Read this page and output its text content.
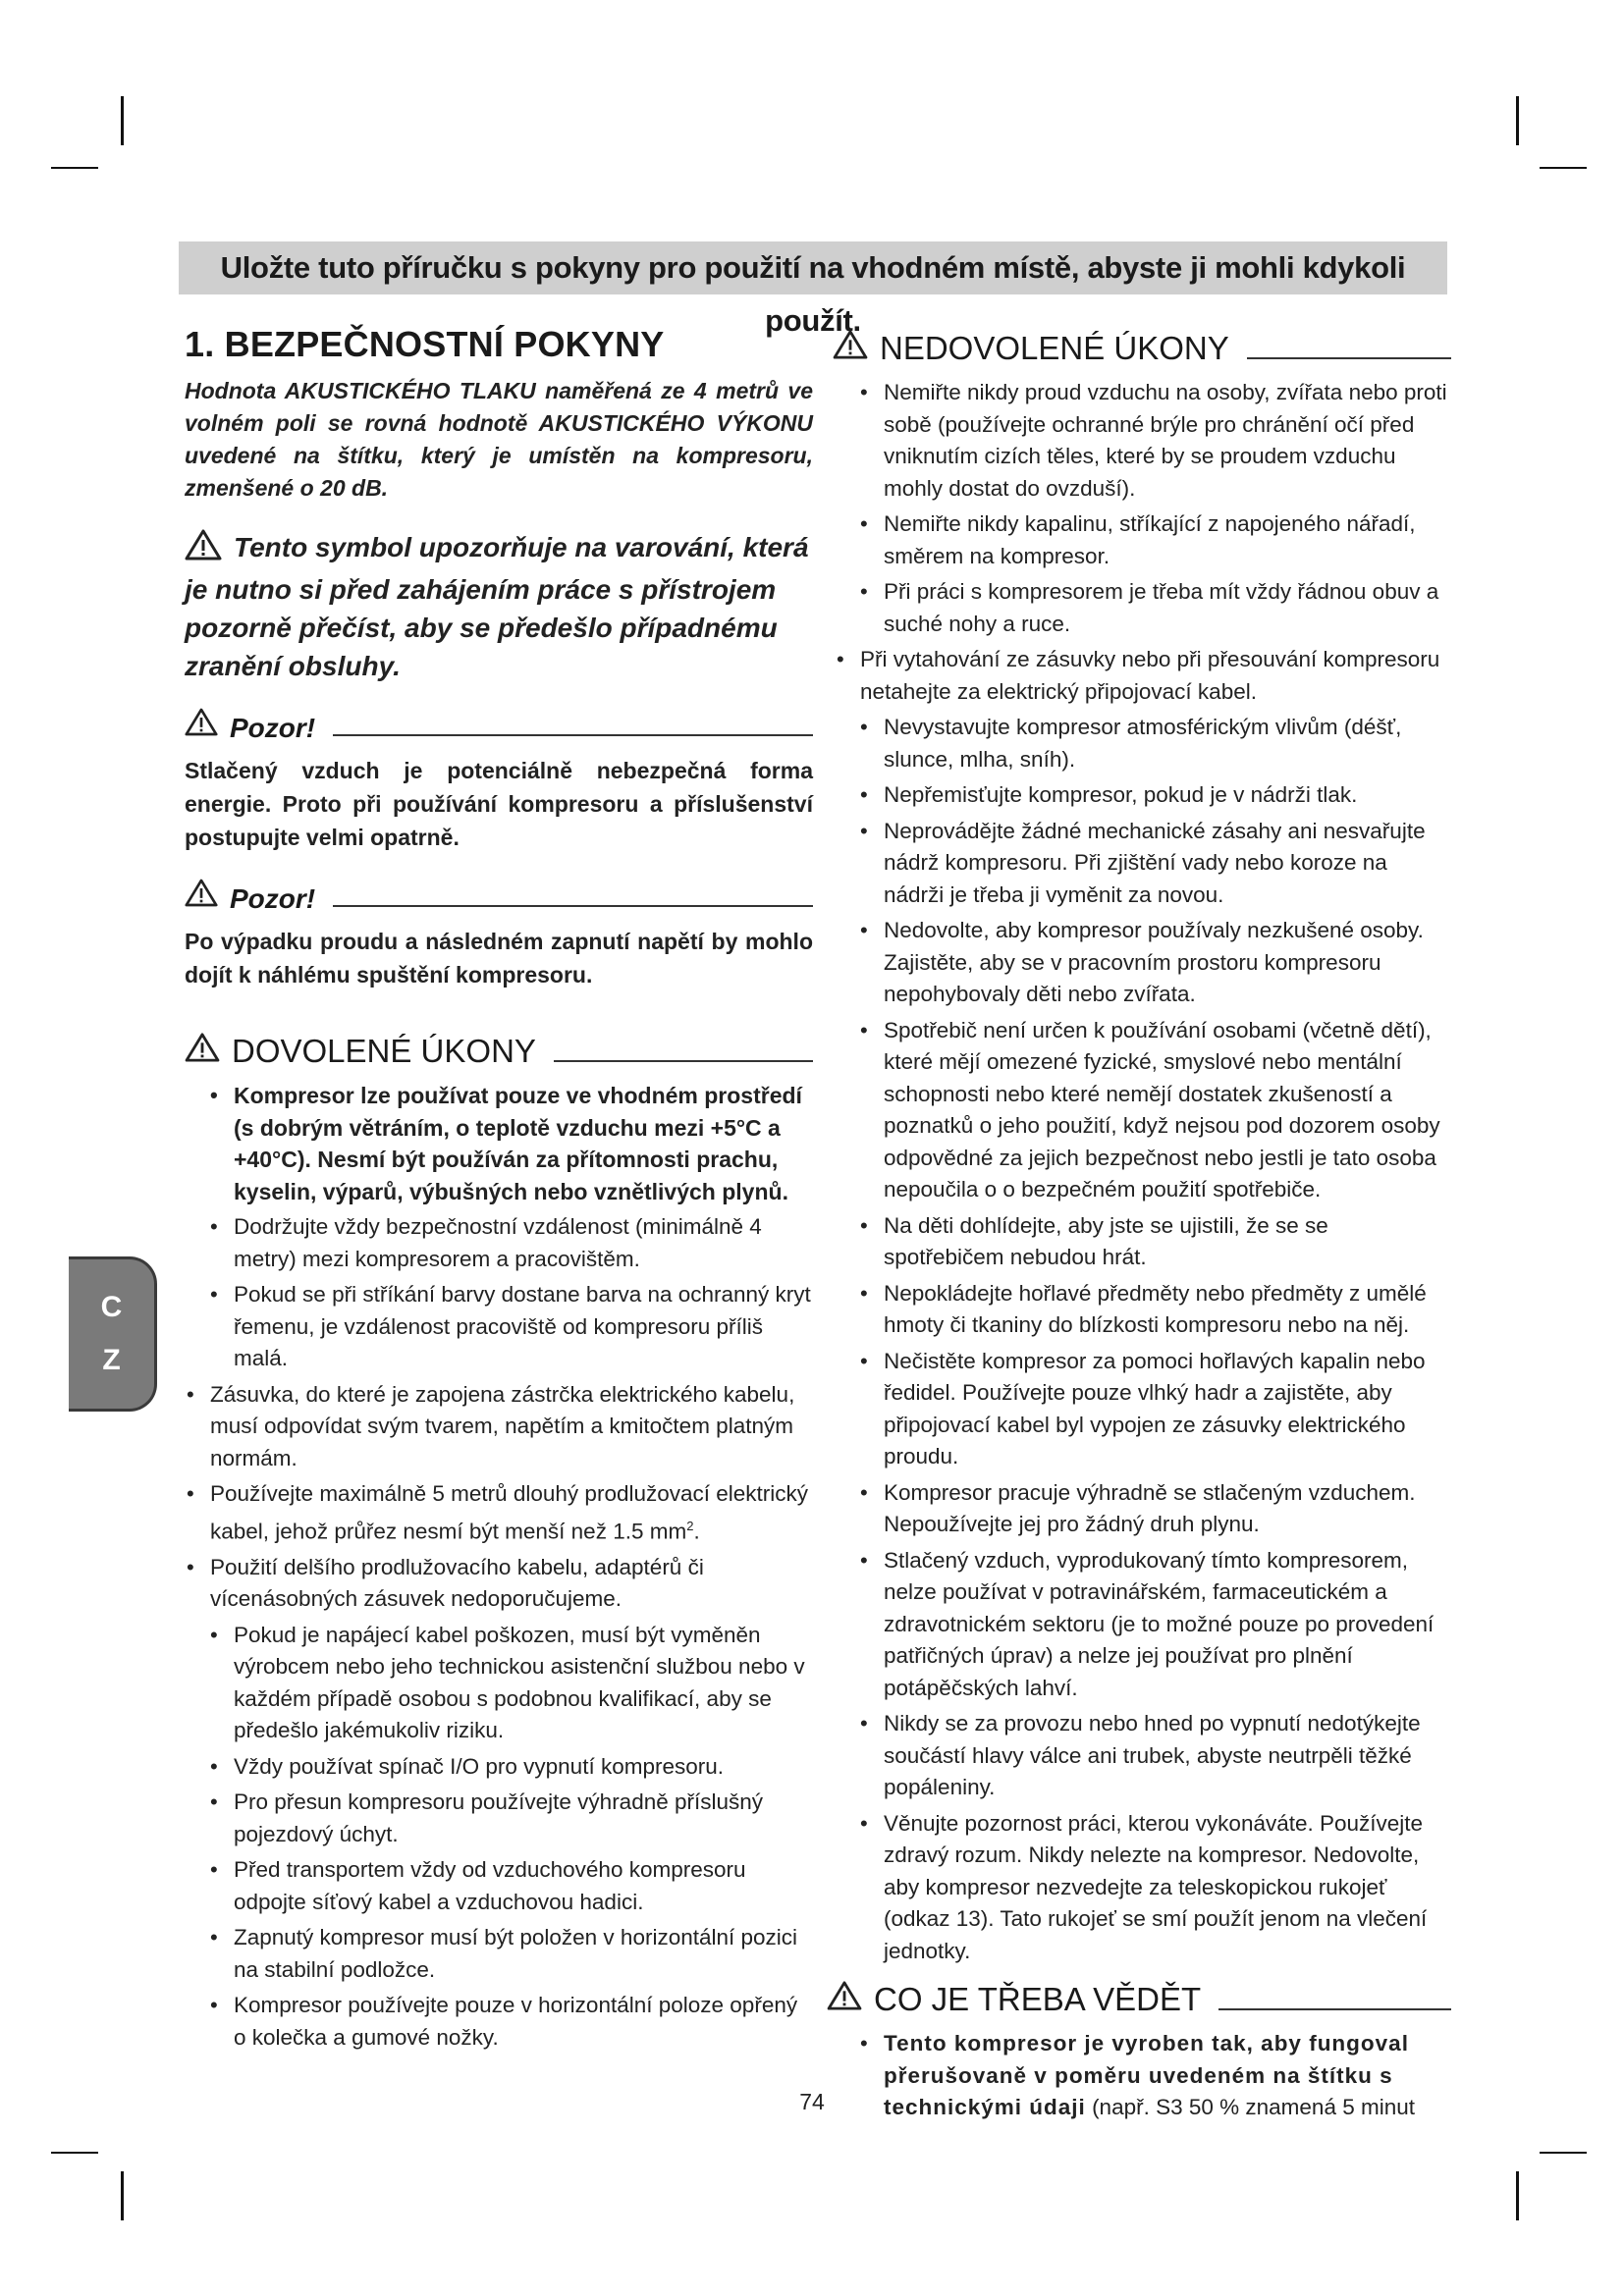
Uložte tuto příručku s pokyny pro použití na vhodném místě, abyste ji mohli kdykoli použít.
1. BEZPEČNOSTNÍ POKYNY

Hodnota AKUSTICKÉHO TLAKU naměřená ze 4 metrů ve volném poli se rovná hodnotě AKUSTICKÉHO VÝKONU uvedené na štítku, který je umístěn na kompresoru, zmenšené o 20 dB.

Tento symbol upozorňuje na varování, která je nutno si před zahájením práce s přístrojem pozorně přečíst, aby se předešlo případnému zranění obsluhy.
Pozor!

Stlačený vzduch je potenciálně nebezpečná forma energie. Proto při používání kompresoru a příslušenství postupujte velmi opatrně.

Pozor!

Po výpadku proudu a následném zapnutí napětí by mohlo dojít k náhlému spuštění kompresoru.

DOVOLENÉ ÚKONY
• Kompresor lze používat pouze ve vhodném prostředí (s dobrým větráním, o teplotě vzduchu mezi +5°C a +40°C). Nesmí být používán za přítomnosti prachu, kyselin, výparů, výbušných nebo vznětlivých plynů.
• Dodržujte vždy bezpečnostní vzdálenost (minimálně 4 metry) mezi kompresorem a pracovištěm.
• Pokud se při stříkání barvy dostane barva na ochranný kryt řemenu, je vzdálenost pracoviště od kompresoru příliš malá.
• Zásuvka, do které je zapojena zástrčka elektrického kabelu, musí odpovídat svým tvarem, napětím a kmitočtem platným normám.
• Používejte maximálně 5 metrů dlouhý prodlužovací elektrický kabel, jehož průřez nesmí být menší než 1.5 $mm^2$.
• Použití delšího prodlužovacího kabelu, adaptérů či vícenásobných zásuvek nedoporučujeme.
• Pokud je napájecí kabel poškozen, musí být vyměněn výrobcem nebo jeho technickou asistenční službou nebo v každém případě osobou s podobnou kvalifikací, aby se předešlo jakémukoliv riziku.
• Vždy používat spínač I/O pro vypnutí kompresoru.
• Pro přesun kompresoru používejte výhradně příslušný pojezdový úchyt.
• Před transportem vždy od vzduchového kompresoru odpojte síťový kabel a vzduchovou hadici.
• Zapnutý kompresor musí být položen v horizontální pozici na stabilní podložce.
• Kompresor používejte pouze v horizontální poloze opřený o kolečka a gumové nožky.
NEDOVOLENÉ ÚKONY
• Nemiřte nikdy proud vzduchu na osoby, zvířata nebo proti sobě (používejte ochranné brýle pro chránění očí před vniknutím cizích těles, které by se proudem vzduchu mohly dostat do ovzduší).
• Nemiřte nikdy kapalinu, stříkající z napojeného nářadí, směrem na kompresor.
• Při práci s kompresorem je třeba mít vždy řádnou obuv a suché nohy a ruce.
• Při vytahování ze zásuvky nebo při přesouvání kompresoru netahejte za elektrický připojovací kabel.
• Nevystavujte kompresor atmosférickým vlivům (déšť, slunce, mlha, sníh).
• Nepřemisťujte kompresor, pokud je v nádrži tlak.
• Neprovádějte žádné mechanické zásahy ani nesvařujte nádrž kompresoru. Při zjištění vady nebo koroze na nádrži je třeba ji vyměnit za novou.
• Nedovolte, aby kompresor používaly nezkušené osoby. Zajistěte, aby se v pracovním prostoru kompresoru nepohybovaly děti nebo zvířata.
• Spotřebič není určen k používání osobami (včetně dětí), které mějí omezené fyzické, smyslové nebo mentální schopnosti nebo které nemějí dostatek zkušeností a poznatků o jeho použití, když nejsou pod dozorem osoby odpovědné za jejich bezpečnost nebo jestli je tato osoba nepoučila o o bezpečném použití spotřebiče.
• Na děti dohlídejte, aby jste se ujistili, že se se spotřebičem nebudou hrát.
• Nepokládejte hořlavé předměty nebo předměty z umělé hmoty či tkaniny do blízkosti kompresoru nebo na něj.
• Nečistěte kompresor za pomoci hořlavých kapalin nebo ředidel. Používejte pouze vlhký hadr a zajistěte, aby připojovací kabel byl vypojen ze zásuvky elektrického proudu.
• Kompresor pracuje výhradně se stlačeným vzduchem. Nepoužívejte jej pro žádný druh plynu.
• Stlačený vzduch, vyprodukovaný tímto kompresorem, nelze používat v potravinářském, farmaceutickém a zdravotnickém sektoru (je to možné pouze po provedení patřičných úprav) a nelze jej používat pro plnění potápěčských lahví.
• Nikdy se za provozu nebo hned po vypnutí nedotýkejte součástí hlavy válce ani trubek, abyste neutrpěli těžké popáleniny.
• Věnujte pozornost práci, kterou vykonáváte. Používejte zdravý rozum. Nikdy nelezte na kompresor. Nedovolte, aby kompresor nezvedejte za teleskopickou rukojeť (odkaz 13). Tato rukojeť se smí použít jenom na vlečení jednotky.
CO JE TŘEBA VĚDĚT
• Tento kompresor je vyroben tak, aby fungoval přerušovaně v poměru uvedeném na štítku s technickými údaji (např. S3 50 % znamená 5 minut
C
Z
74
